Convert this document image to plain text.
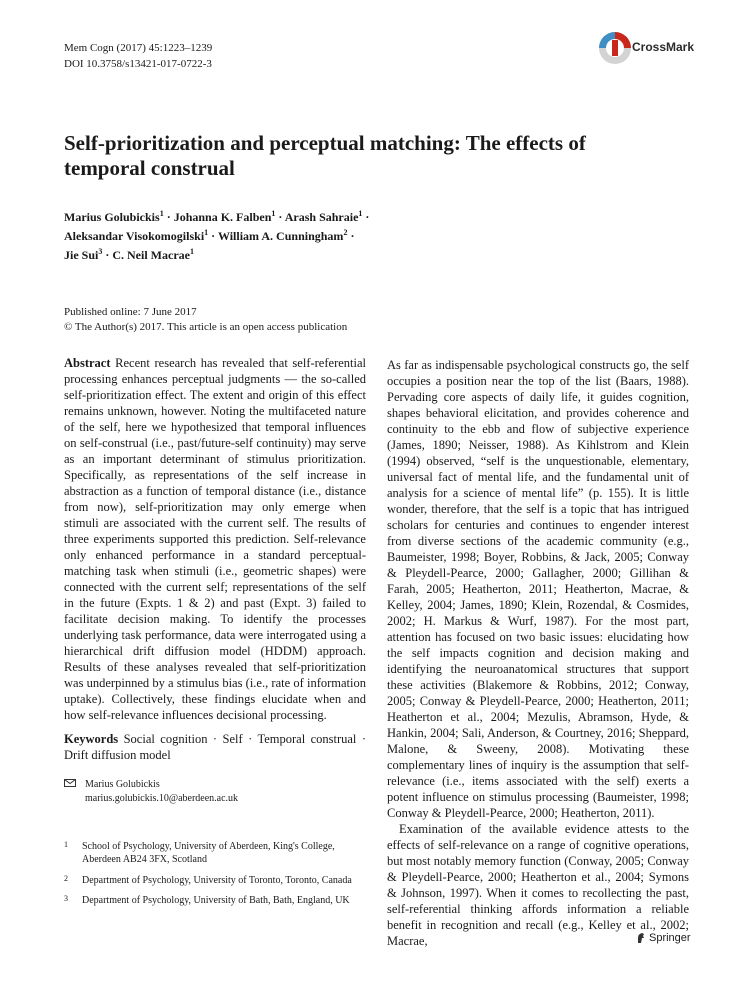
Mem Cogn (2017) 45:1223–1239
DOI 10.3758/s13421-017-0722-3
CrossMark
Self-prioritization and perceptual matching: The effects of temporal construal
Marius Golubickis$^1$ · Johanna K. Falben$^1$ · Arash Sahraie$^1$ ·
Aleksandar Visokomogilski$^1$ · William A. Cunningham$^2$ ·
Jie Sui$^3$ · C. Neil Macrae$^1$
Published online: 7 June 2017
© The Author(s) 2017. This article is an open access publication

Abstract Recent research has revealed that self-referential processing enhances perceptual judgments — the so-called self-prioritization effect. The extent and origin of this effect remains unknown, however. Noting the multifaceted nature of the self, here we hypothesized that temporal influences on self-construal (i.e., past/future-self continuity) may serve as an important determinant of stimulus prioritization. Specifically, as representations of the self increase in abstraction as a function of temporal distance (i.e., distance from now), self-prioritization may only emerge when stimuli are associated with the current self. The results of three experiments supported this prediction. Self-relevance only enhanced performance in a standard perceptual-matching task when stimuli (i.e., geometric shapes) were connected with the current self; representations of the self in the future (Expts. 1 & 2) and past (Expt. 3) failed to facilitate decision making. To identify the processes underlying task performance, data were interrogated using a hierarchical drift diffusion model (HDDM) approach. Results of these analyses revealed that self-prioritization was underpinned by a stimulus bias (i.e., rate of information uptake). Collectively, these findings elucidate when and how self-relevance influences decisional processing.

Keywords Social cognition · Self · Temporal construal · Drift diffusion model

Marius Golubickis
marius.golubickis.10@aberdeen.ac.uk
1 School of Psychology, University of Aberdeen, King's College, Aberdeen AB24 3FX, Scotland
2 Department of Psychology, University of Toronto, Toronto, Canada
3 Department of Psychology, University of Bath, Bath, England, UK

As far as indispensable psychological constructs go, the self occupies a position near the top of the list (Baars, 1988). Pervading core aspects of daily life, it guides cognition, shapes behavioral elicitation, and provides coherence and continuity to the ebb and flow of subjective experience (James, 1890; Neisser, 1988). As Kihlstrom and Klein (1994) observed, “self is the unquestionable, elementary, universal fact of mental life, and the fundamental unit of analysis for a science of mental life” (p. 155). It is little wonder, therefore, that the self is a topic that has intrigued scholars for centuries and continues to engender interest from diverse sections of the academic community (e.g., Baumeister, 1998; Boyer, Robbins, & Jack, 2005; Conway & Pleydell-Pearce, 2000; Gallagher, 2000; Gillihan & Farah, 2005; Heatherton, 2011; Heatherton, Macrae, & Kelley, 2004; James, 1890; Klein, Rozendal, & Cosmides, 2002; H. Markus & Wurf, 1987). For the most part, attention has focused on two basic issues: elucidating how the self impacts cognition and decision making and identifying the neuroanatomical structures that support these activities (Blakemore & Robbins, 2012; Conway, 2005; Conway & Pleydell-Pearce, 2000; Heatherton, 2011; Heatherton et al., 2004; Mezulis, Abramson, Hyde, & Hankin, 2004; Sali, Anderson, & Courtney, 2016; Sheppard, Malone, & Sweeny, 2008). Motivating these complementary lines of inquiry is the assumption that self-relevance (i.e., items associated with the self) exerts a potent influence on stimulus processing (Baumeister, 1998; Conway & Pleydell-Pearce, 2000; Heatherton, 2011).

Examination of the available evidence attests to the effects of self-relevance on a range of cognitive operations, but most notably memory function (Conway, 2005; Conway & Pleydell-Pearce, 2000; Heatherton et al., 2004; Symons & Johnson, 1997). When it comes to recollecting the past, self-referential thinking affords information a reliable benefit in recognition and recall (e.g., Kelley et al., 2002; Macrae,	Springer
